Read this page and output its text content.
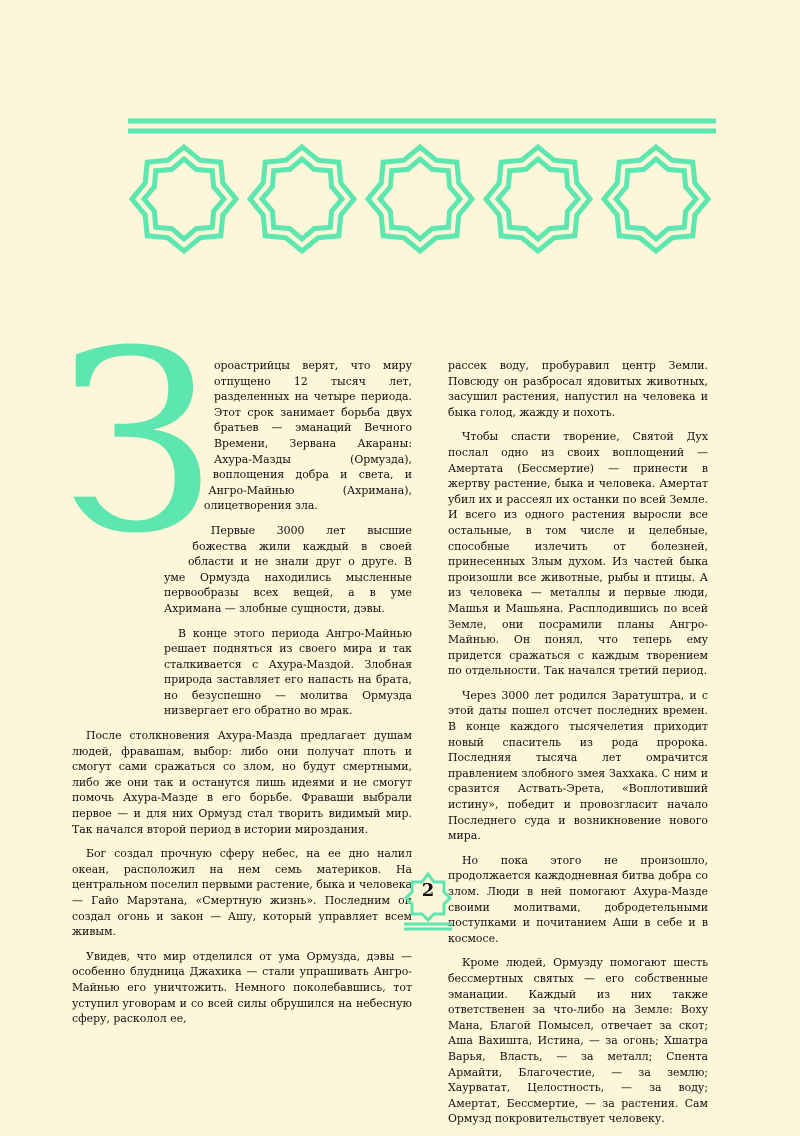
З

ороастрийцы верят, что миру отпущено 12 тысяч лет, разделенных на четыре периода. Этот срок занимает борьба двух братьев — эманаций Вечного Времени, Зервана Акараны: Ахура-Мазды (Ормузда), воплощения добра и света, и Ангро-Майнью (Ахримана), олицетворения зла.

Первые 3000 лет высшие божества жили каждый в своей области и не знали друг о друге. В уме Ормузда находились мысленные первообразы всех вещей, а в уме Ахримана — злобные сущности, дэвы.

В конце этого периода Ангро-Майнью решает подняться из своего мира и так сталкивается с Ахура-Маздой. Злобная природа заставляет его напасть на брата, но безуспешно — молитва Ормузда низвергает его обратно во мрак.

После столкновения Ахура-Мазда предлагает душам людей, фравашам, выбор: либо они получат плоть и смогут сами сражаться со злом, но будут смертными, либо же они так и останутся лишь идеями и не смогут помочь Ахура-Мазде в его борьбе. Фраваши выбрали первое — и для них Ормузд стал творить видимый мир. Так начался второй период в истории мироздания.

Бог создал прочную сферу небес, на ее дно налил океан, расположил на нем семь материков. На центральном поселил первыми растение, быка и человека — Гайо Марэтана, «Смертную жизнь». Последним он создал огонь и закон — Ашу, который управляет всем живым.

Увидев, что мир отделился от ума Ормузда, дэвы — особенно блудница Джахика — стали упрашивать Ангро-Майнью его уничтожить. Немного поколебавшись, тот уступил уговорам и со всей силы обрушился на небесную сферу, расколол ее,

рассек воду, пробуравил центр Земли. Повсюду он разбросал ядовитых животных, засушил растения, напустил на человека и быка голод, жажду и похоть.

Чтобы спасти творение, Святой Дух послал одно из своих воплощений — Амертата (Бессмертие) — принести в жертву растение, быка и человека. Амертат убил их и рассеял их останки по всей Земле. И всего из одного растения выросли все остальные, в том числе и целебные, способные излечить от болезней, принесенных Злым духом. Из частей быка произошли все животные, рыбы и птицы. А из человека — металлы и первые люди, Машья и Машьяна. Расплодившись по всей Земле, они посрамили планы Ангро-Майнью. Он понял, что теперь ему придется сражаться с каждым творением по отдельности. Так начался третий период.

Через 3000 лет родился Заратуштра, и с этой даты пошел отсчет последних времен. В конце каждого тысячелетия приходит новый спаситель из рода пророка. Последняя тысяча лет омрачится правлением злобного змея Заххака. С ним и сразится Аствать-Эрета, «Воплотивший истину», победит и провозгласит начало Последнего суда и возникновение нового мира.

Но пока этого не произошло, продолжается каждодневная битва добра со злом. Люди в ней помогают Ахура-Мазде своими молитвами, добродетельными поступками и почитанием Аши в себе и в космосе.

Кроме людей, Ормузду помогают шесть бессмертных святых — его собственные эманации. Каждый из них также ответственен за что-либо на Земле: Воху Мана, Благой Помысел, отвечает за скот; Аша Вахишта, Истина, — за огонь; Хшатра Варья, Власть, — за металл; Спента Армайти, Благочестие, — за землю; Хаурватат, Целостность, — за воду; Амертат, Бессмертие, — за растения. Сам Ормузд покровительствует человеку.

2
